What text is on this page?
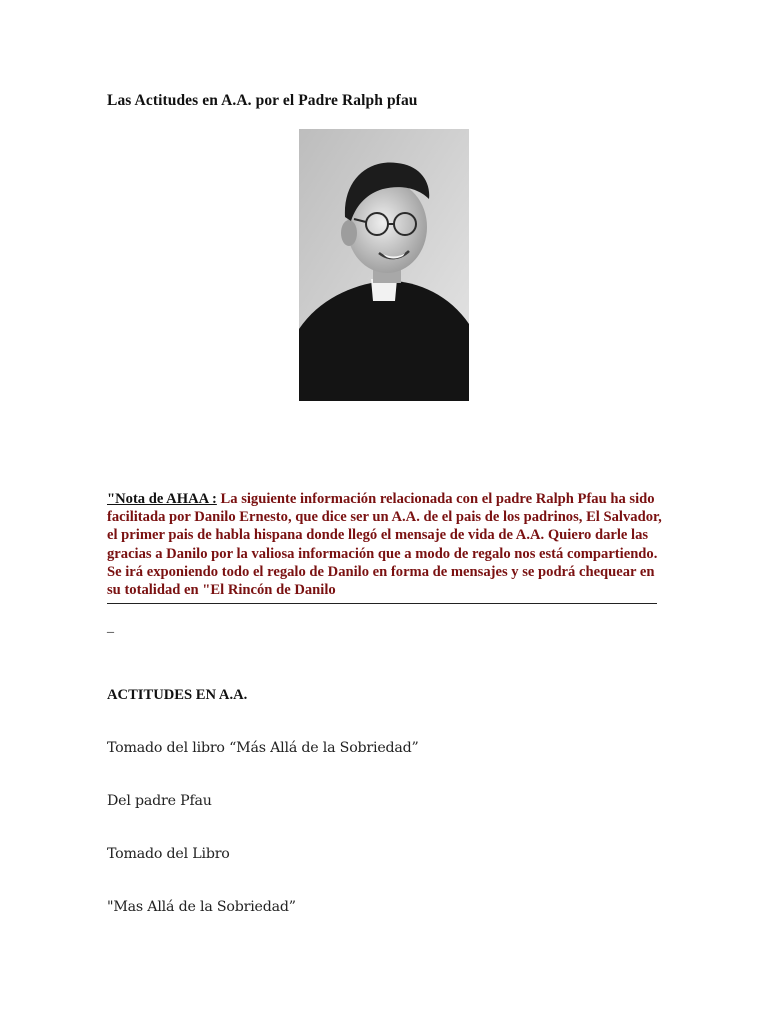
Las Actitudes en A.A. por el Padre Ralph pfau
"Nota de AHAA : La siguiente información relacionada con el padre Ralph Pfau ha sido facilitada por Danilo Ernesto, que dice ser un A.A. de el pais de los padrinos, El Salvador, el primer pais de habla hispana donde llegó el mensaje de vida de A.A. Quiero darle las gracias a Danilo por la valiosa información que a modo de regalo nos está compartiendo. Se irá exponiendo todo el regalo de Danilo en forma de mensajes y se podrá chequear en su totalidad en "El Rincón de Danilo
_
ACTITUDES EN A.A.
Tomado del libro “Más Allá de la Sobriedad”
Del padre Pfau
Tomado del Libro
"Mas Allá de la Sobriedad”
